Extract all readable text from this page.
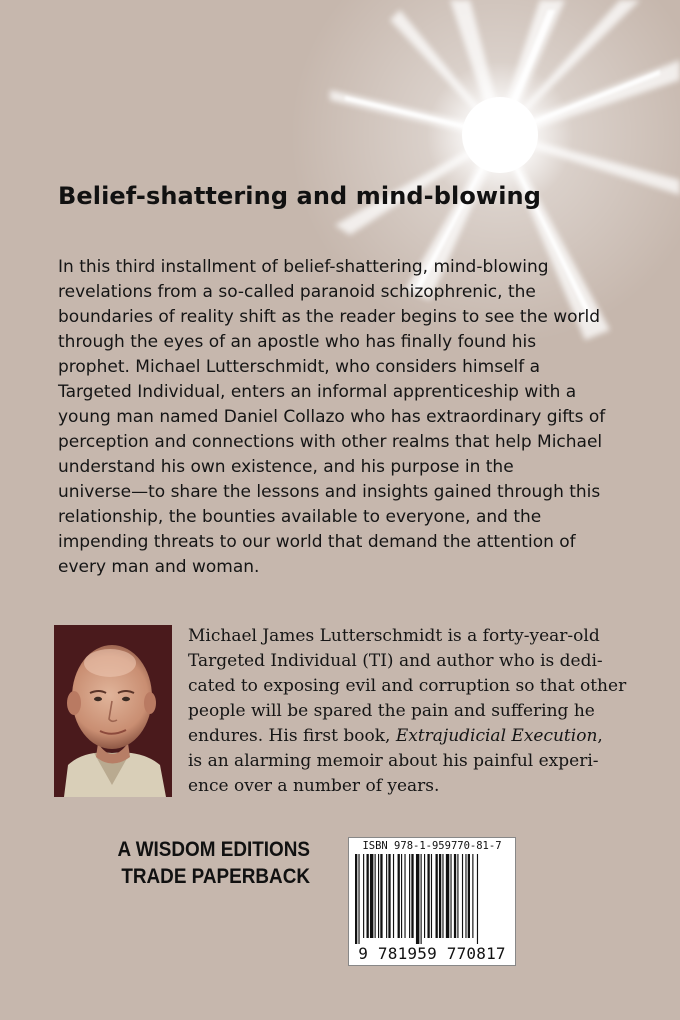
Belief-shattering and mind-blowing

In this third installment of belief-shattering, mind-blowing
revelations from a so-called paranoid schizophrenic, the
boundaries of reality shift as the reader begins to see the world
through the eyes of an apostle who has finally found his
prophet. Michael Lutterschmidt, who considers himself a
Targeted Individual, enters an informal apprenticeship with a
young man named Daniel Collazo who has extraordinary gifts of
perception and connections with other realms that help Michael
understand his own existence, and his purpose in the
universe—to share the lessons and insights gained through this
relationship, the bounties available to everyone, and the
impending threats to our world that demand the attention of
every man and woman.

Michael James Lutterschmidt is a forty-year-old
Targeted Individual (TI) and author who is dedi-
cated to exposing evil and corruption so that other
people will be spared the pain and suffering he
endures. His first book, Extrajudicial Execution,
is an alarming memoir about his painful experi-
ence over a number of years.

A WISDOM EDITIONS
TRADE PAPERBACK
ISBN 978-1-959770-81-7
9 781959 770817
